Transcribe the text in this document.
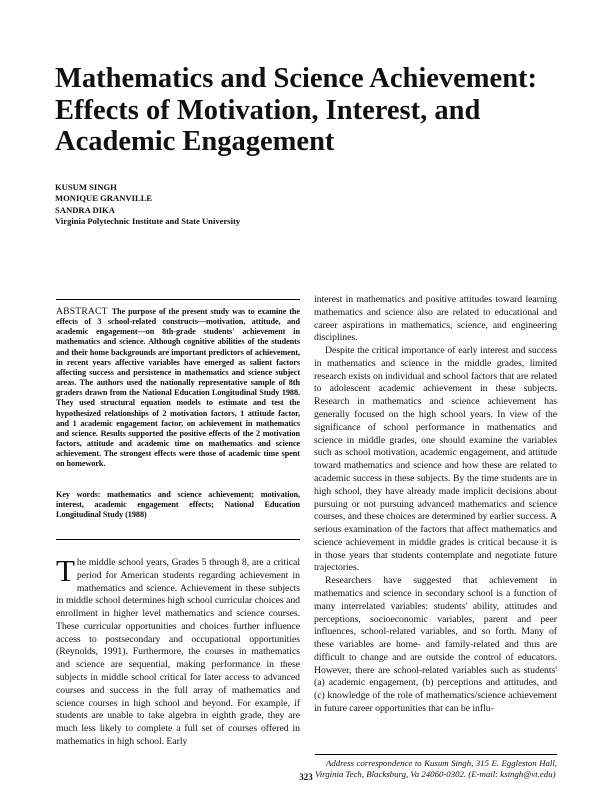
Mathematics and Science Achievement:
Effects of Motivation, Interest, and
Academic Engagement
KUSUM SINGH
MONIQUE GRANVILLE
SANDRA DIKA
Virginia Polytechnic Institute and State University
ABSTRACT The purpose of the present study was to examine the effects of 3 school-related constructs—motivation, attitude, and academic engagement—on 8th-grade students' achievement in mathematics and science. Although cognitive abilities of the students and their home backgrounds are important predictors of achievement, in recent years affective variables have emerged as salient factors affecting success and persistence in mathematics and science subject areas. The authors used the nationally representative sample of 8th graders drawn from the National Education Longitudinal Study 1988. They used structural equation models to estimate and test the hypothesized relationships of 2 motivation factors, 1 attitude factor, and 1 academic engagement factor, on achievement in mathematics and science. Results supported the positive effects of the 2 motivation factors, attitude and academic time on mathematics and science achievement. The strongest effects were those of academic time spent on homework.
Key words: mathematics and science achievement; motivation, interest, academic engagement effects; National Education Longitudinal Study (1988)

The middle school years, Grades 5 through 8, are a critical period for American students regarding achievement in mathematics and science. Achievement in these subjects in middle school determines high school curricular choices and enrollment in higher level mathematics and science courses. These curricular opportunities and choices further influence access to postsecondary and occupational opportunities (Reynolds, 1991). Furthermore, the courses in mathematics and science are sequential, making performance in these subjects in middle school critical for later access to advanced courses and success in the full array of mathematics and science courses in high school and beyond. For example, if students are unable to take algebra in eighth grade, they are much less likely to complete a full set of courses offered in mathematics in high school. Early

interest in mathematics and positive attitudes toward learning mathematics and science also are related to educational and career aspirations in mathematics, science, and engineering disciplines.

Despite the critical importance of early interest and success in mathematics and science in the middle grades, limited research exists on individual and school factors that are related to adolescent academic achievement in these subjects. Research in mathematics and science achievement has generally focused on the high school years. In view of the significance of school performance in mathematics and science in middle grades, one should examine the variables such as school motivation, academic engagement, and attitude toward mathematics and science and how these are related to academic success in these subjects. By the time students are in high school, they have already made implicit decisions about pursuing or not pursuing advanced mathematics and science courses, and these choices are determined by earlier success. A serious examination of the factors that affect mathematics and science achievement in middle grades is critical because it is in those years that students contemplate and negotiate future trajectories.

Researchers have suggested that achievement in mathematics and science in secondary school is a function of many interrelated variables: students' ability, attitudes and perceptions, socioeconomic variables, parent and peer influences, school-related variables, and so forth. Many of these variables are home- and family-related and thus are difficult to change and are outside the control of educators. However, there are school-related variables such as students' (a) academic engagement, (b) perceptions and attitudes, and (c) knowledge of the role of mathematics/science achievement in future career opportunities that can be influ-

Address correspondence to Kusum Singh, 315 E. Eggleston Hall, Virginia Tech, Blacksburg, Va 24060-0302. (E-mail: ksingh@vt.edu)
323
